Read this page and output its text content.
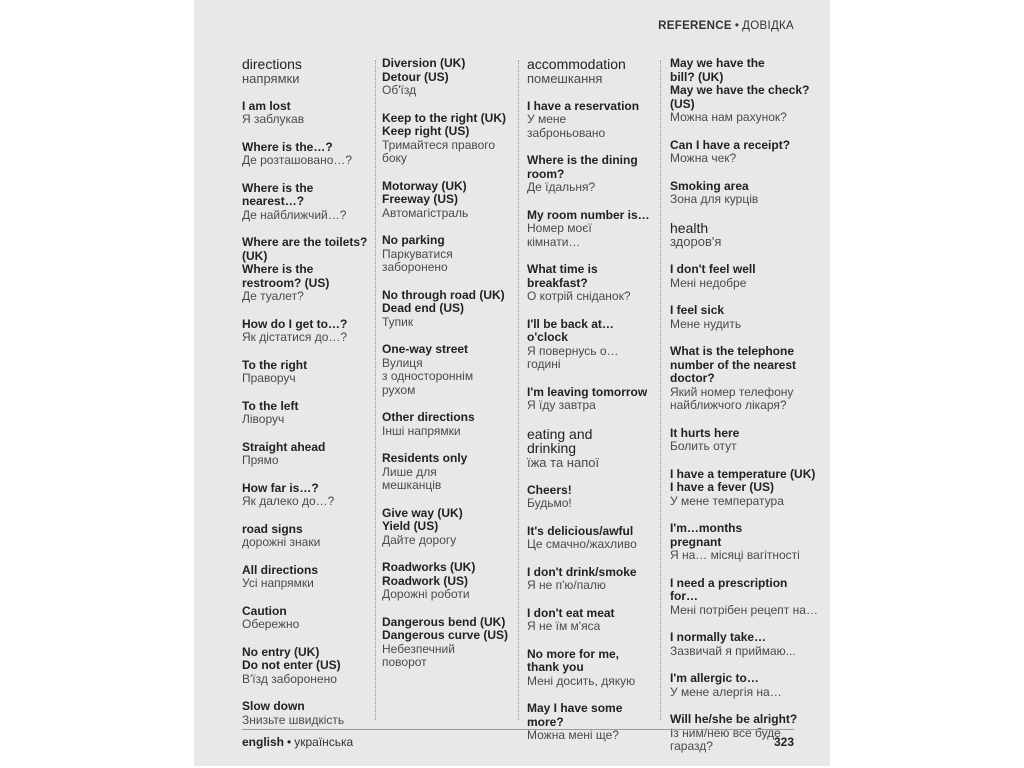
REFERENCE • ДОВІДКА
directions
напрямки
I am lost
Я заблукав
Where is the…?
Де розташовано…?
Where is the
nearest…?
Де найближчий…?
Where are the toilets?
(UK)
Where is the
restroom? (US)
Де туалет?
How do I get to…?
Як дістатися до…?
To the right
Праворуч
To the left
Ліворуч
Straight ahead
Прямо
How far is…?
Як далеко до…?
road signs
дорожні знаки
All directions
Усі напрямки
Caution
Обережно
No entry (UK)
Do not enter (US)
В'їзд заборонено
Slow down
Знизьте швидкість
Diversion (UK)
Detour (US)
Об'їзд
Keep to the right (UK)
Keep right (US)
Тримайтеся правого
боку
Motorway (UK)
Freeway (US)
Автомагістраль
No parking
Паркуватися
заборонено
No through road (UK)
Dead end (US)
Тупик
One-way street
Вулиця
з одностороннім
рухом
Other directions
Інші напрямки
Residents only
Лише для
мешканців
Give way (UK)
Yield (US)
Дайте дорогу
Roadworks (UK)
Roadwork (US)
Дорожні роботи
Dangerous bend (UK)
Dangerous curve (US)
Небезпечний
поворот
accommodation
помешкання
I have a reservation
У мене
заброньовано
Where is the dining
room?
Де їдальня?
My room number is…
Номер моєї
кімнати…
What time is
breakfast?
О котрій сніданок?
I'll be back at…
o'clock
Я повернусь о…
годині
I'm leaving tomorrow
Я їду завтра
eating and
drinking
їжа та напої
Cheers!
Будьмо!
It's delicious/awful
Це смачно/жахливо
I don't drink/smoke
Я не п'ю/палю
I don't eat meat
Я не їм м'яса
No more for me,
thank you
Мені досить, дякую
May I have some
more?
Можна мені ще?
May we have the
bill? (UK)
May we have the check?
(US)
Можна нам рахунок?
Can I have a receipt?
Можна чек?
Smoking area
Зона для курців
health
здоров'я
I don't feel well
Мені недобре
I feel sick
Мене нудить
What is the telephone
number of the nearest
doctor?
Який номер телефону
найближчого лікаря?
It hurts here
Болить отут
I have a temperature (UK)
I have a fever (US)
У мене температура
I'm…months
pregnant
Я на… місяці вагітності
I need a prescription for…
Мені потрібен рецепт на…
I normally take…
Зазвичай я приймаю...
I'm allergic to…
У мене алергія на…
Will he/she be alright?
Із ним/нею все буде
гаразд?
english • українська	323
